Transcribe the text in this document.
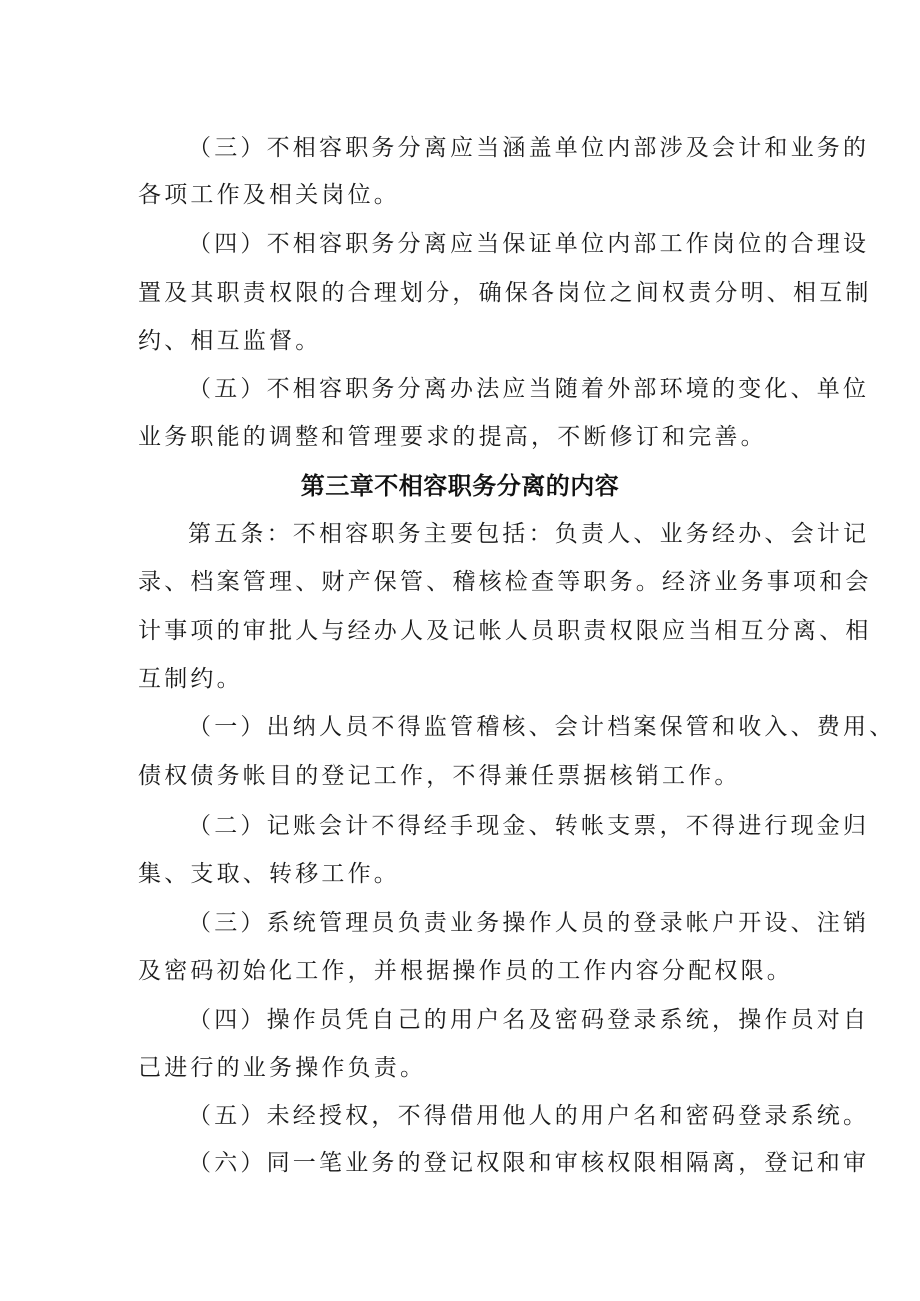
（三）不相容职务分离应当涵盖单位内部涉及会计和业务的

各项工作及相关岗位。

（四）不相容职务分离应当保证单位内部工作岗位的合理设

置及其职责权限的合理划分，确保各岗位之间权责分明、相互制

约、相互监督。

（五）不相容职务分离办法应当随着外部环境的变化、单位

业务职能的调整和管理要求的提高，不断修订和完善。

第三章不相容职务分离的内容

第五条：不相容职务主要包括：负责人、业务经办、会计记

录、档案管理、财产保管、稽核检查等职务。经济业务事项和会

计事项的审批人与经办人及记帐人员职责权限应当相互分离、相

互制约。

（一）出纳人员不得监管稽核、会计档案保管和收入、费用、

债权债务帐目的登记工作，不得兼任票据核销工作。

（二）记账会计不得经手现金、转帐支票，不得进行现金归

集、支取、转移工作。

（三）系统管理员负责业务操作人员的登录帐户开设、注销

及密码初始化工作，并根据操作员的工作内容分配权限。

（四）操作员凭自己的用户名及密码登录系统，操作员对自

己进行的业务操作负责。

（五）未经授权，不得借用他人的用户名和密码登录系统。

（六）同一笔业务的登记权限和审核权限相隔离，登记和审
